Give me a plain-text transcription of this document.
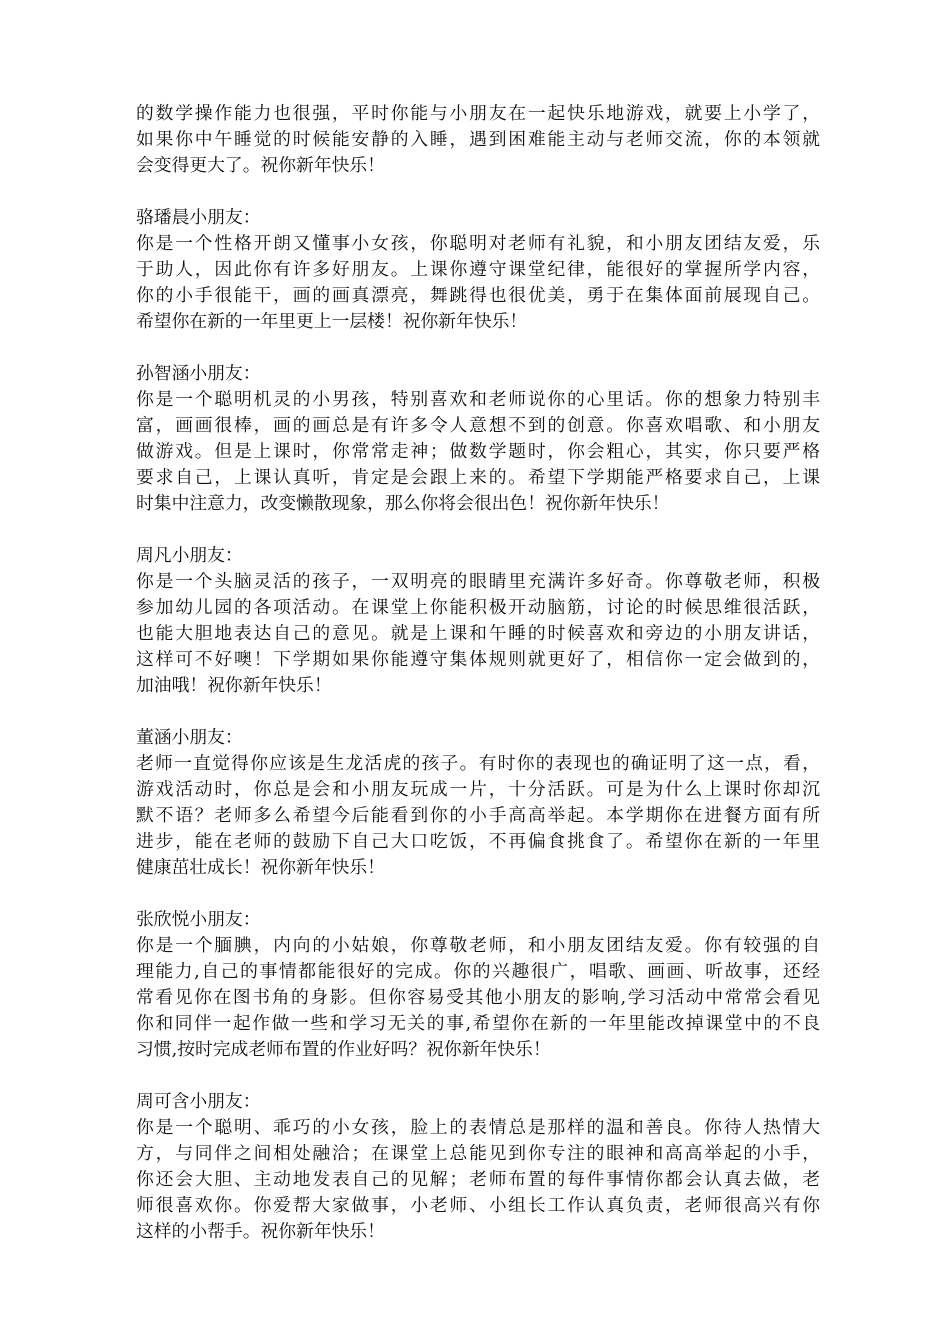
的数学操作能力也很强，平时你能与小朋友在一起快乐地游戏，就要上小学了，
如果你中午睡觉的时候能安静的入睡，遇到困难能主动与老师交流，你的本领就
会变得更大了。祝你新年快乐！
骆璠晨小朋友：
你是一个性格开朗又懂事小女孩，你聪明对老师有礼貌，和小朋友团结友爱，乐
于助人，因此你有许多好朋友。上课你遵守课堂纪律，能很好的掌握所学内容，
你的小手很能干，画的画真漂亮，舞跳得也很优美，勇于在集体面前展现自己。
希望你在新的一年里更上一层楼！祝你新年快乐！
孙智涵小朋友：
你是一个聪明机灵的小男孩，特别喜欢和老师说你的心里话。你的想象力特别丰
富，画画很棒，画的画总是有许多令人意想不到的创意。你喜欢唱歌、和小朋友
做游戏。但是上课时，你常常走神；做数学题时，你会粗心，其实，你只要严格
要求自己，上课认真听，肯定是会跟上来的。希望下学期能严格要求自己，上课
时集中注意力，改变懒散现象，那么你将会很出色！祝你新年快乐！
周凡小朋友：
你是一个头脑灵活的孩子，一双明亮的眼睛里充满许多好奇。你尊敬老师，积极
参加幼儿园的各项活动。在课堂上你能积极开动脑筋，讨论的时候思维很活跃，
也能大胆地表达自己的意见。就是上课和午睡的时候喜欢和旁边的小朋友讲话，
这样可不好噢！下学期如果你能遵守集体规则就更好了，相信你一定会做到的，
加油哦！祝你新年快乐！
董涵小朋友：
老师一直觉得你应该是生龙活虎的孩子。有时你的表现也的确证明了这一点，看，
游戏活动时，你总是会和小朋友玩成一片，十分活跃。可是为什么上课时你却沉
默不语？老师多么希望今后能看到你的小手高高举起。本学期你在进餐方面有所
进步，能在老师的鼓励下自己大口吃饭，不再偏食挑食了。希望你在新的一年里
健康茁壮成长！祝你新年快乐！
张欣悦小朋友：
你是一个腼腆，内向的小姑娘，你尊敬老师，和小朋友团结友爱。你有较强的自
理能力,自己的事情都能很好的完成。你的兴趣很广，唱歌、画画、听故事，还经
常看见你在图书角的身影。但你容易受其他小朋友的影响,学习活动中常常会看见
你和同伴一起作做一些和学习无关的事,希望你在新的一年里能改掉课堂中的不良
习惯,按时完成老师布置的作业好吗？祝你新年快乐！
周可含小朋友：
你是一个聪明、乖巧的小女孩，脸上的表情总是那样的温和善良。你待人热情大
方，与同伴之间相处融洽；在课堂上总能见到你专注的眼神和高高举起的小手，
你还会大胆、主动地发表自己的见解；老师布置的每件事情你都会认真去做，老
师很喜欢你。你爱帮大家做事，小老师、小组长工作认真负责，老师很高兴有你
这样的小帮手。祝你新年快乐！
